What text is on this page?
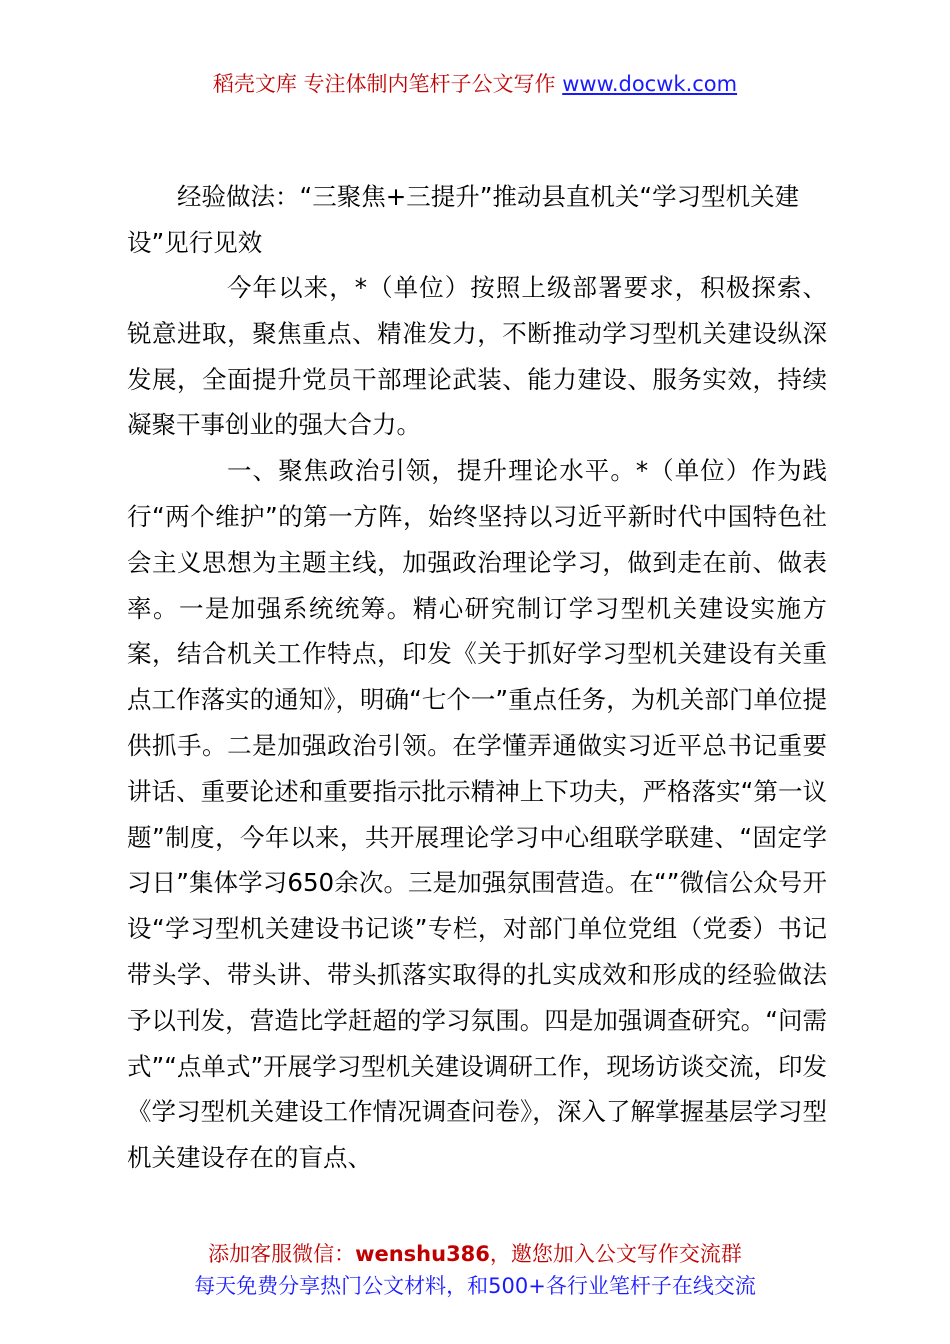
稻壳文库 专注体制内笔杆子公文写作 www.docwk.com
经验做法：“三聚焦+三提升”推动县直机关“学习型机关建设”见行见效

今年以来，*（单位）按照上级部署要求，积极探索、锐意进取，聚焦重点、精准发力，不断推动学习型机关建设纵深发展，全面提升党员干部理论武装、能力建设、服务实效，持续凝聚干事创业的强大合力。

一、聚焦政治引领，提升理论水平。*（单位）作为践行“两个维护”的第一方阵，始终坚持以习近平新时代中国特色社会主义思想为主题主线，加强政治理论学习，做到走在前、做表率。一是加强系统统筹。精心研究制订学习型机关建设实施方案，结合机关工作特点，印发《关于抓好学习型机关建设有关重点工作落实的通知》，明确“七个一”重点任务，为机关部门单位提供抓手。二是加强政治引领。在学懂弄通做实习近平总书记重要讲话、重要论述和重要指示批示精神上下功夫，严格落实“第一议题”制度，今年以来，共开展理论学习中心组联学联建、“固定学习日”集体学习650余次。三是加强氛围营造。在“”微信公众号开设“学习型机关建设书记谈”专栏，对部门单位党组（党委）书记带头学、带头讲、带头抓落实取得的扎实成效和形成的经验做法予以刊发，营造比学赶超的学习氛围。四是加强调查研究。“问需式”“点单式”开展学习型机关建设调研工作，现场访谈交流，印发《学习型机关建设工作情况调查问卷》，深入了解掌握基层学习型机关建设存在的盲点、

添加客服微信：wenshu386，邀您加入公文写作交流群
每天免费分享热门公文材料，和500+各行业笔杆子在线交流
